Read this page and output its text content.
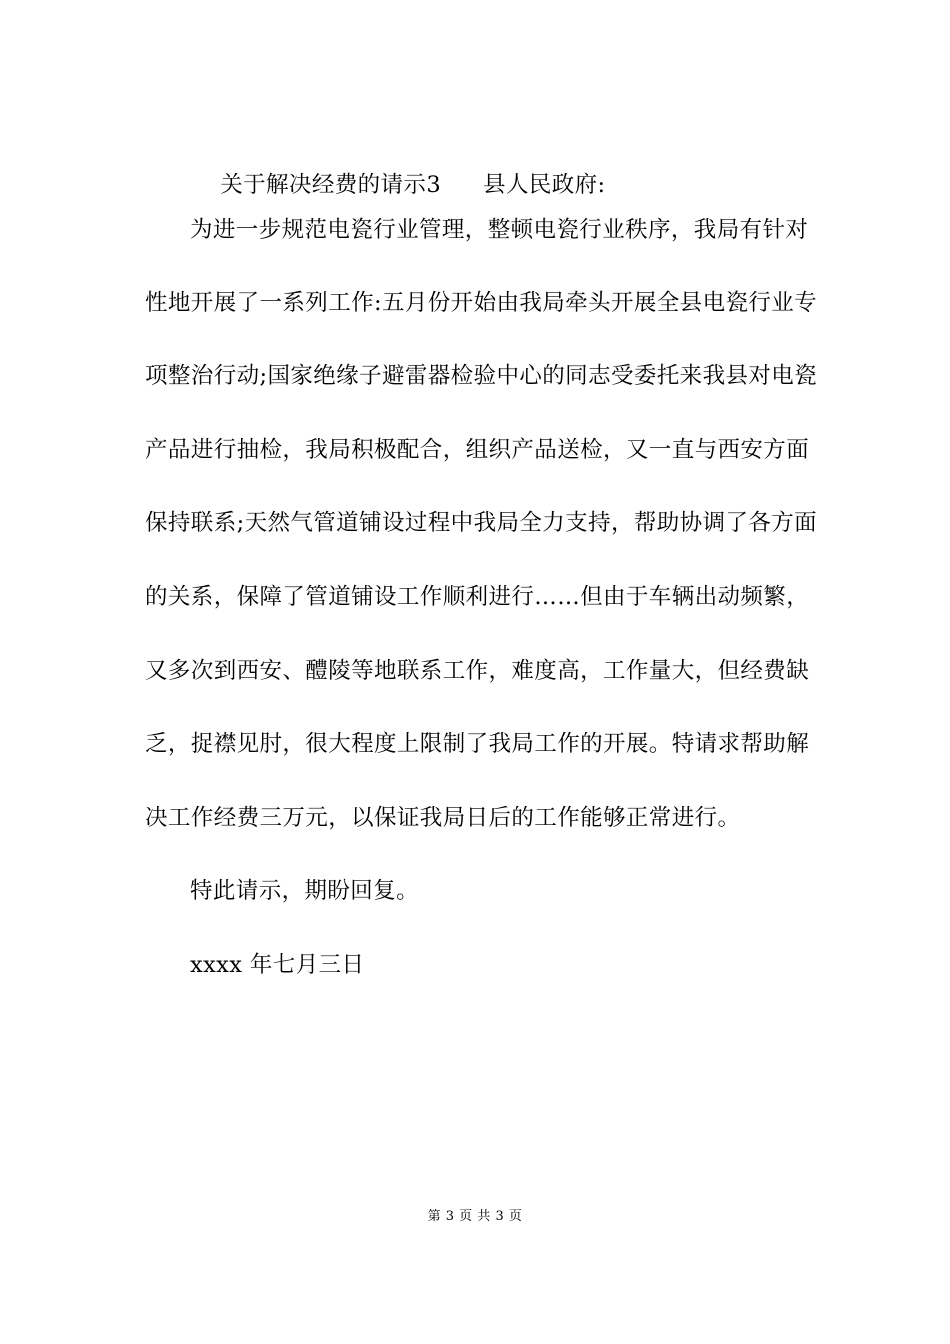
关于解决经费的请示3 县人民政府:

为进一步规范电瓷行业管理，整顿电瓷行业秩序，我局有针对
性地开展了一系列工作:五月份开始由我局牵头开展全县电瓷行业专
项整治行动;国家绝缘子避雷器检验中心的同志受委托来我县对电瓷
产品进行抽检，我局积极配合，组织产品送检，又一直与西安方面
保持联系;天然气管道铺设过程中我局全力支持，帮助协调了各方面
的关系，保障了管道铺设工作顺利进行……但由于车辆出动频繁，
又多次到西安、醴陵等地联系工作，难度高，工作量大，但经费缺
乏，捉襟见肘，很大程度上限制了我局工作的开展。特请求帮助解
决工作经费三万元，以保证我局日后的工作能够正常进行。
特此请示，期盼回复。
xxxx 年七月三日
第 3 页 共 3 页
